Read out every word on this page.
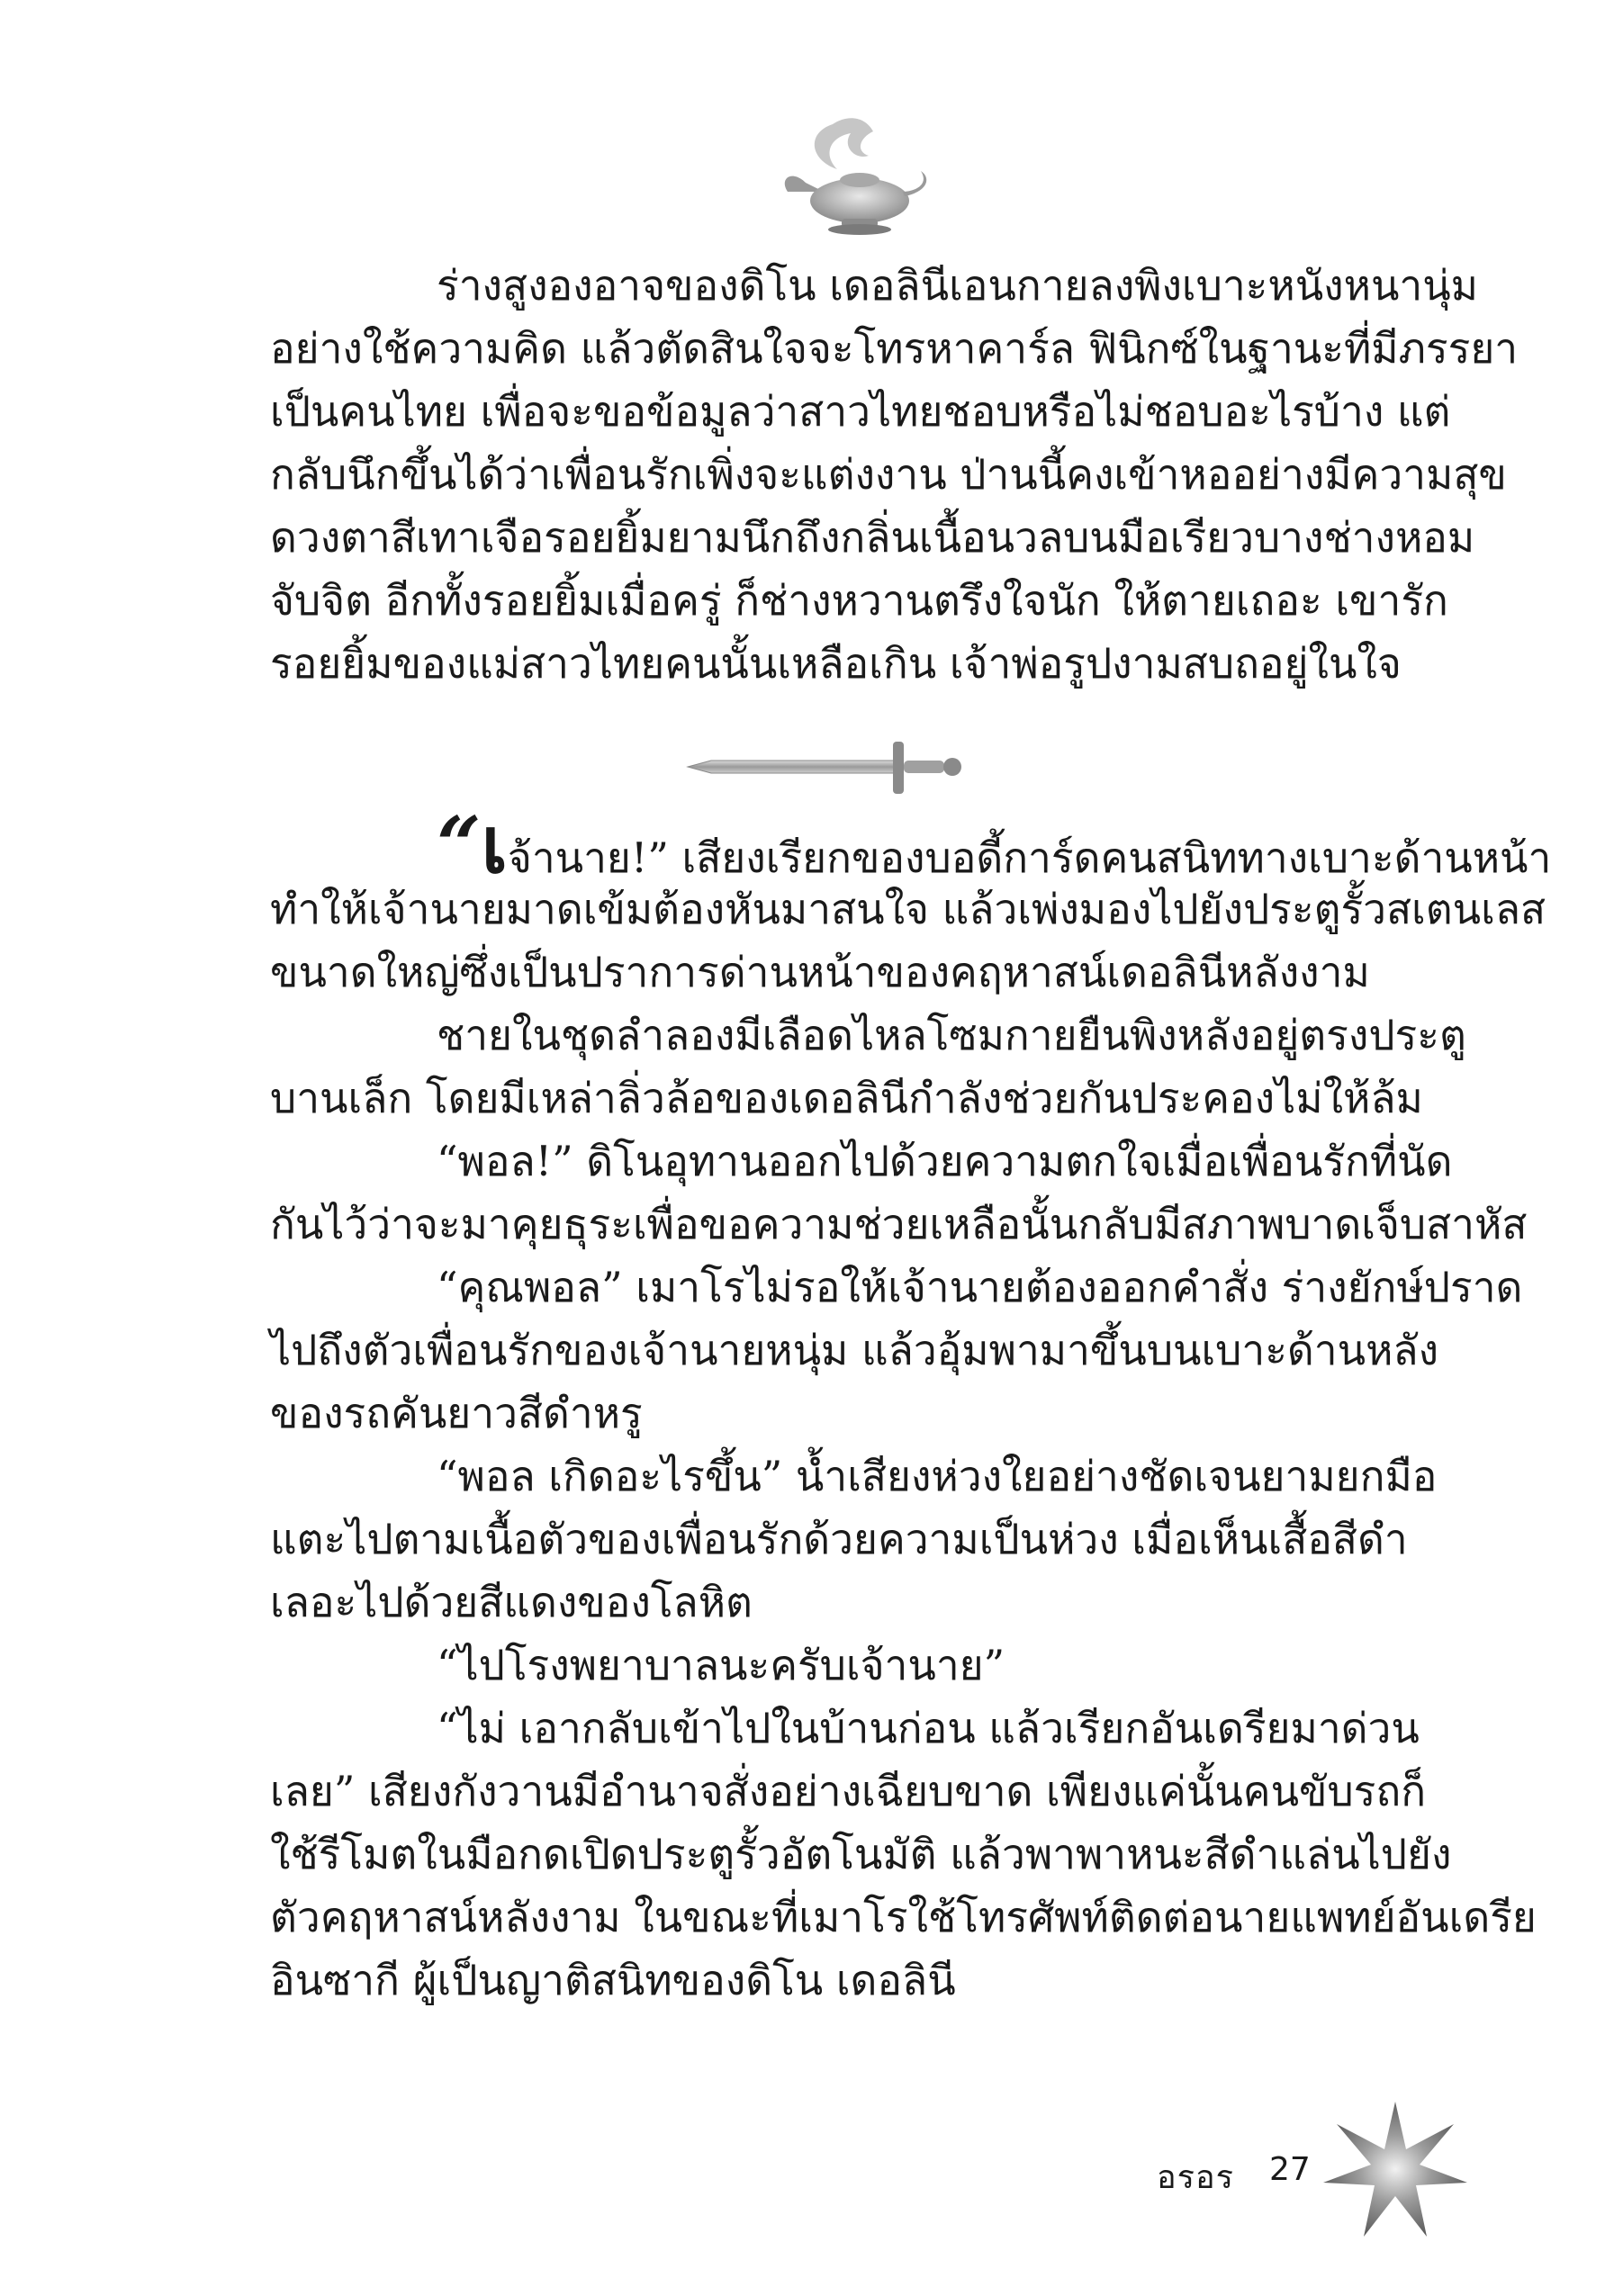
ร่างสูงองอาจของดิโน เดอลินีเอนกายลงพิงเบาะหนังหนานุ่ม
อย่างใช้ความคิด แล้วตัดสินใจจะโทรหาคาร์ล ฟินิกซ์ในฐานะที่มีภรรยา
เป็นคนไทย เพื่อจะขอข้อมูลว่าสาวไทยชอบหรือไม่ชอบอะไรบ้าง แต่
กลับนึกขึ้นได้ว่าเพื่อนรักเพิ่งจะแต่งงาน ป่านนี้คงเข้าหออย่างมีความสุข
ดวงตาสีเทาเจือรอยยิ้มยามนึกถึงกลิ่นเนื้อนวลบนมือเรียวบางช่างหอม
จับจิต อีกทั้งรอยยิ้มเมื่อครู่ ก็ช่างหวานตรึงใจนัก ให้ตายเถอะ เขารัก
รอยยิ้มของแม่สาวไทยคนนั้นเหลือเกิน เจ้าพ่อรูปงามสบถอยู่ในใจ
“เจ้านาย!” เสียงเรียกของบอดี้การ์ดคนสนิททางเบาะด้านหน้า
ทำให้เจ้านายมาดเข้มต้องหันมาสนใจ แล้วเพ่งมองไปยังประตูรั้วสเตนเลส
ขนาดใหญ่ซึ่งเป็นปราการด่านหน้าของคฤหาสน์เดอลินีหลังงาม
ชายในชุดลำลองมีเลือดไหลโซมกายยืนพิงหลังอยู่ตรงประตู
บานเล็ก โดยมีเหล่าลิ่วล้อของเดอลินีกำลังช่วยกันประคองไม่ให้ล้ม
“พอล!” ดิโนอุทานออกไปด้วยความตกใจเมื่อเพื่อนรักที่นัด
กันไว้ว่าจะมาคุยธุระเพื่อขอความช่วยเหลือนั้นกลับมีสภาพบาดเจ็บสาหัส
“คุณพอล” เมาโรไม่รอให้เจ้านายต้องออกคำสั่ง ร่างยักษ์ปราด
ไปถึงตัวเพื่อนรักของเจ้านายหนุ่ม แล้วอุ้มพามาขึ้นบนเบาะด้านหลัง
ของรถคันยาวสีดำหรู
“พอล เกิดอะไรขึ้น” น้ำเสียงห่วงใยอย่างชัดเจนยามยกมือ
แตะไปตามเนื้อตัวของเพื่อนรักด้วยความเป็นห่วง เมื่อเห็นเสื้อสีดำ
เลอะไปด้วยสีแดงของโลหิต
“ไปโรงพยาบาลนะครับเจ้านาย”
“ไม่ เอากลับเข้าไปในบ้านก่อน แล้วเรียกอันเดรียมาด่วน
เลย” เสียงกังวานมีอำนาจสั่งอย่างเฉียบขาด เพียงแค่นั้นคนขับรถก็
ใช้รีโมตในมือกดเปิดประตูรั้วอัตโนมัติ แล้วพาพาหนะสีดำแล่นไปยัง
ตัวคฤหาสน์หลังงาม ในขณะที่เมาโรใช้โทรศัพท์ติดต่อนายแพทย์อันเดรีย
อินซากี ผู้เป็นญาติสนิทของดิโน เดอลินี
อรอร 27
